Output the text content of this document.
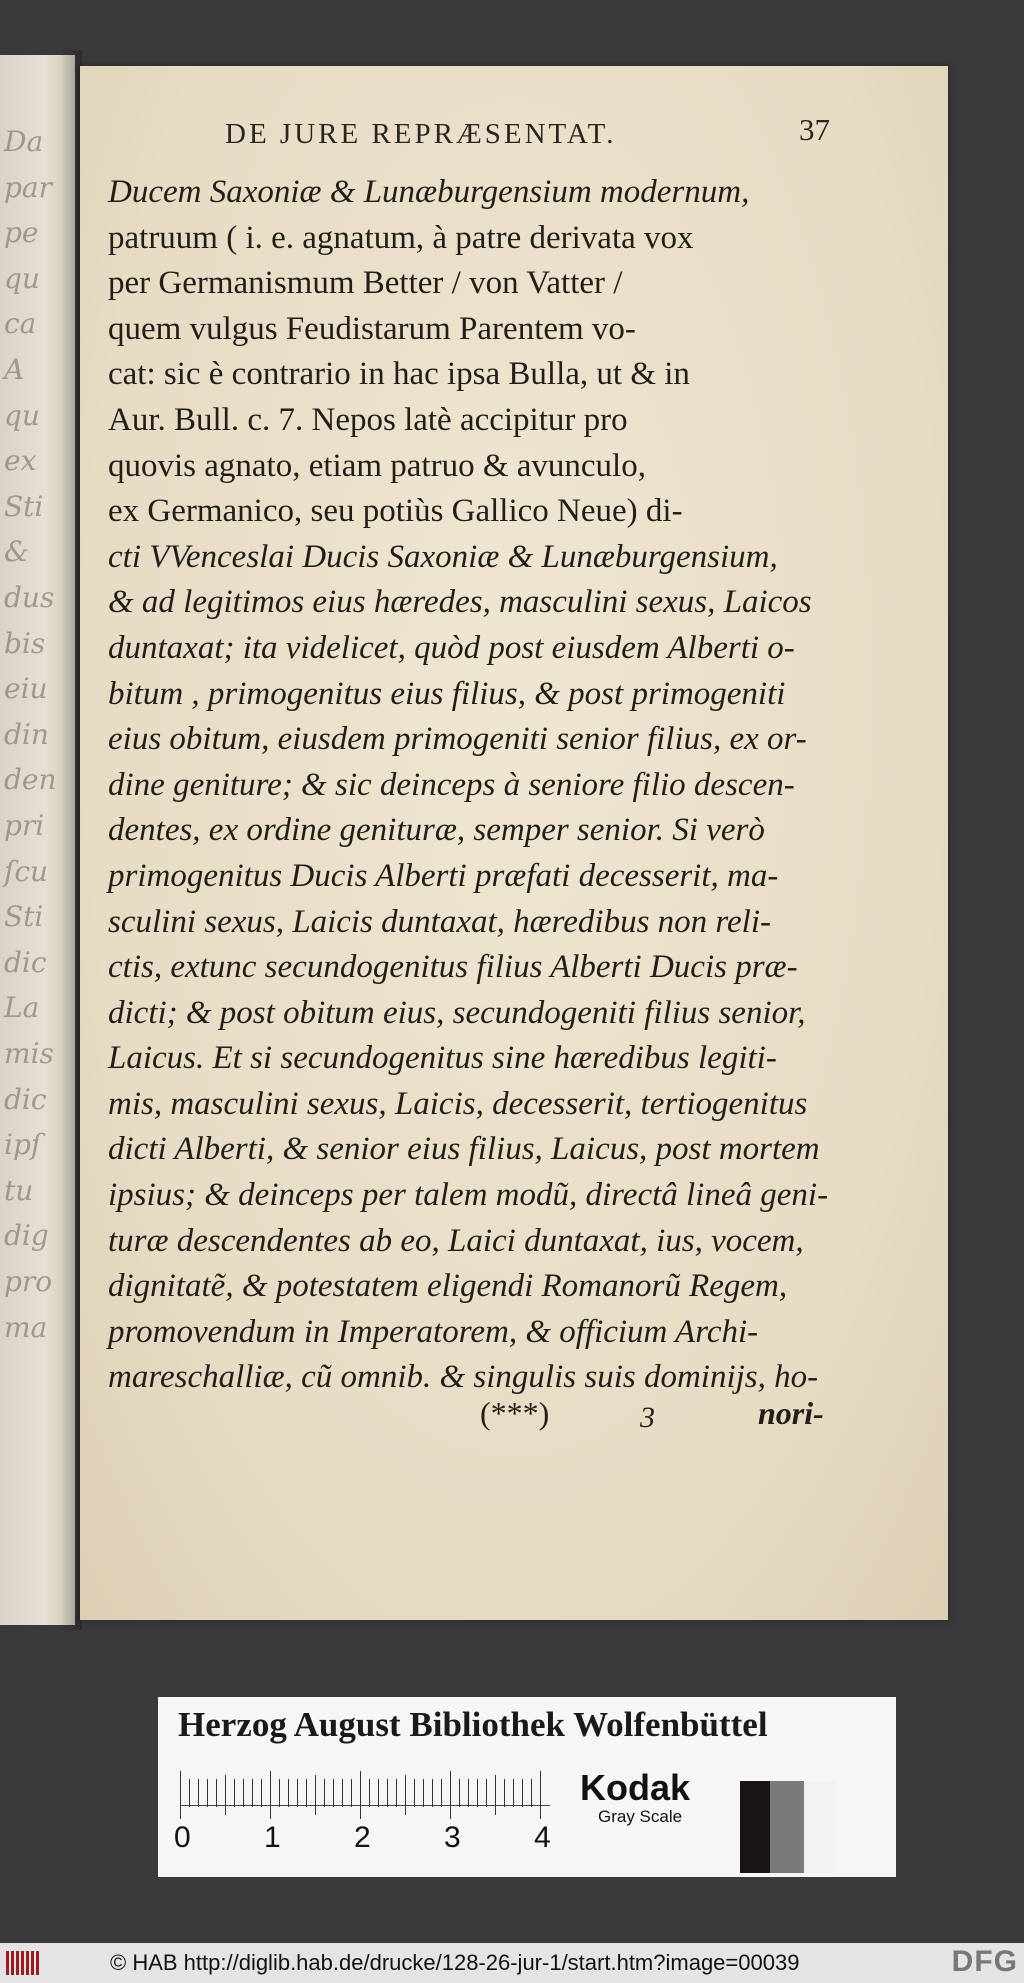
Da
par
pe
qu
ca
A
qu
ex
Sti
&
dus
bis
eiu
din
den
pri
ſcu
Sti
dic
La
mis
dic
ipſ
tu
dig
pro
ma
DE JURE REPRÆSENTAT.	37
Ducem Saxoniæ & Lunæburgensium modernum,
patruum ( i. e. agnatum, à patre derivata vox
per Germanismum Better / von Vatter /
quem vulgus Feudistarum Parentem vo-
cat: sic è contrario in hac ipsa Bulla, ut & in
Aur. Bull. c. 7. Nepos latè accipitur pro
quovis agnato, etiam patruo & avunculo,
ex Germanico, seu potiùs Gallico Neue) di-
cti VVenceslai Ducis Saxoniæ & Lunæburgensium,
& ad legitimos eius hæredes, masculini sexus, Laicos
duntaxat; ita videlicet, quòd post eiusdem Alberti o-
bitum , primogenitus eius filius, & post primogeniti
eius obitum, eiusdem primogeniti senior filius, ex or-
dine geniture; & sic deinceps à seniore filio descen-
dentes, ex ordine genituræ, semper senior. Si verò
primogenitus Ducis Alberti præfati decesserit, ma-
sculini sexus, Laicis duntaxat, hæredibus non reli-
ctis, extunc secundogenitus filius Alberti Ducis præ-
dicti; & post obitum eius, secundogeniti filius senior,
Laicus. Et si secundogenitus sine hæredibus legiti-
mis, masculini sexus, Laicis, decesserit, tertiogenitus
dicti Alberti, & senior eius filius, Laicus, post mortem
ipsius; & deinceps per talem modũ, directâ lineâ geni-
turæ descendentes ab eo, Laici duntaxat, ius, vocem,
dignitatẽ, & potestatem eligendi Romanorũ Regem,
promovendum in Imperatorem, & officium Archi-
mareschalliæ, cũ omnib. & singulis suis dominijs, ho-
(***)	3	nori-
Herzog August Bibliothek Wolfenbüttel
0 1 2 3 4
Kodak
Gray Scale
© HAB http://diglib.hab.de/drucke/128-26-jur-1/start.htm?image=00039	DFG
